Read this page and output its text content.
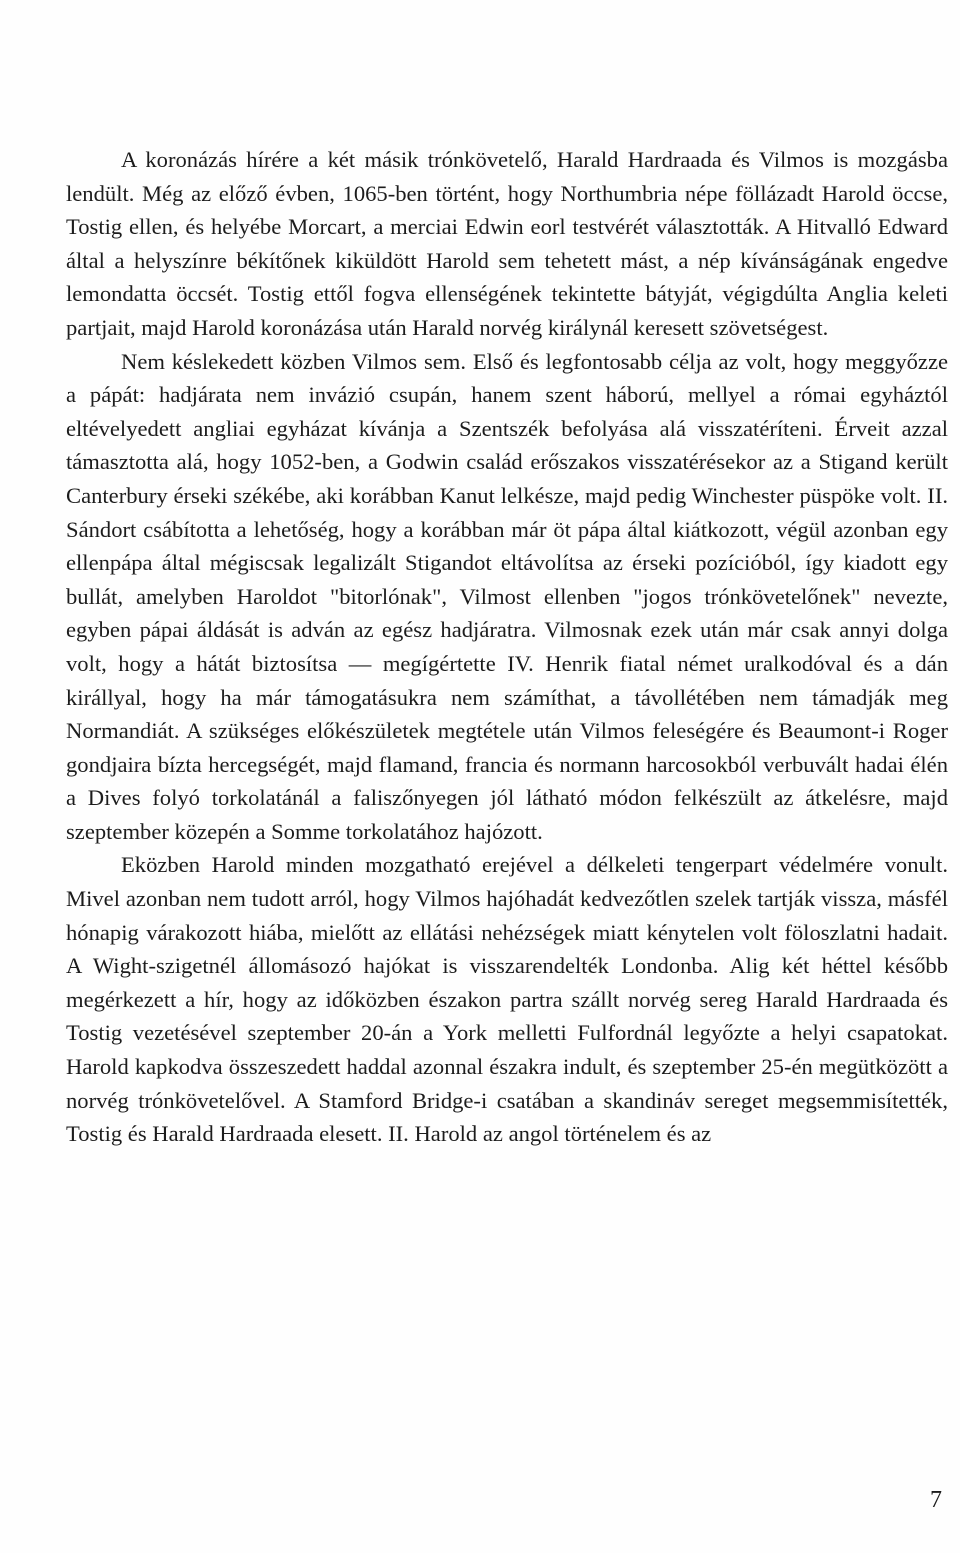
A koronázás hírére a két másik trónkövetelő, Harald Hardraada és Vilmos is mozgásba lendült. Még az előző évben, 1065-ben történt, hogy Northumbria népe föllázadt Harold öccse, Tostig ellen, és helyébe Morcart, a merciai Edwin eorl testvérét választották. A Hitvalló Edward által a helyszínre békítőnek kiküldött Harold sem tehetett mást, a nép kívánságának engedve lemondatta öccsét. Tostig ettől fogva ellenségének tekintette bátyját, végigdúlta Anglia keleti partjait, majd Harold koronázása után Harald norvég királynál keresett szövetségest.

Nem késlekedett közben Vilmos sem. Első és legfontosabb célja az volt, hogy meggyőzze a pápát: hadjárata nem invázió csupán, hanem szent háború, mellyel a római egyháztól eltévelyedett angliai egyházat kívánja a Szentszék befolyása alá visszatéríteni. Érveit azzal támasztotta alá, hogy 1052-ben, a Godwin család erőszakos visszatérésekor az a Stigand került Canterbury érseki székébe, aki korábban Kanut lelkésze, majd pedig Winchester püspöke volt. II. Sándort csábította a lehetőség, hogy a korábban már öt pápa által kiátkozott, végül azonban egy ellenpápa által mégiscsak legalizált Stigandot eltávolítsa az érseki pozícióból, így kiadott egy bullát, amelyben Haroldot "bitorlónak", Vilmost ellenben "jogos trónkövetelőnek" nevezte, egyben pápai áldását is adván az egész hadjáratra. Vilmosnak ezek után már csak annyi dolga volt, hogy a hátát biztosítsa — megígértette IV. Henrik fiatal német uralkodóval és a dán királlyal, hogy ha már támogatásukra nem számíthat, a távollétében nem támadják meg Normandiát. A szükséges előkészületek megtétele után Vilmos feleségére és Beaumont-i Roger gondjaira bízta hercegségét, majd flamand, francia és normann harcosokból verbuvált hadai élén a Dives folyó torkolatánál a faliszőnyegen jól látható módon felkészült az átkelésre, majd szeptember közepén a Somme torkolatához hajózott.

Eközben Harold minden mozgatható erejével a délkeleti tengerpart védelmére vonult. Mivel azonban nem tudott arról, hogy Vilmos hajóhadát kedvezőtlen szelek tartják vissza, másfél hónapig várakozott hiába, mielőtt az ellátási nehézségek miatt kénytelen volt föloszlatni hadait. A Wight-szigetnél állomásozó hajókat is visszarendelték Londonba. Alig két héttel később megérkezett a hír, hogy az időközben északon partra szállt norvég sereg Harald Hardraada és Tostig vezetésével szeptember 20-án a York melletti Fulfordnál legyőzte a helyi csapatokat. Harold kapkodva összeszedett haddal azonnal északra indult, és szeptember 25-én megütközött a norvég trónkövetelővel. A Stamford Bridge-i csatában a skandináv sereget megsemmisítették, Tostig és Harald Hardraada elesett. II. Harold az angol történelem és az

7
